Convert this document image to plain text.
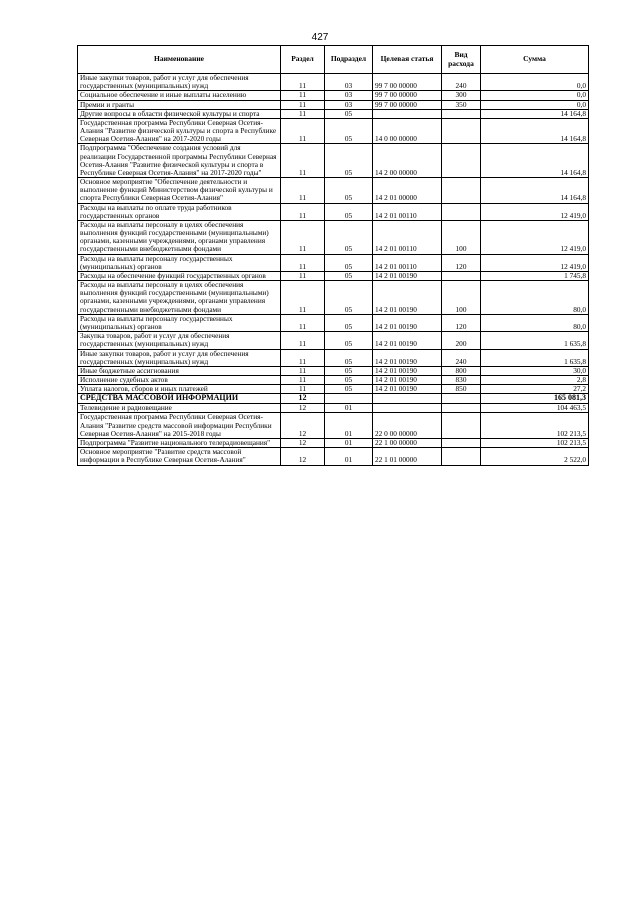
427
Наименование	Раздел	Подраздел	Целевая статья	Вид расхода	Сумма
Иные закупки товаров, работ и услуг для обеспечения государственных (муниципальных) нужд	11	03	99 7 00 00000	240	0,0
Социальное обеспечение и иные выплаты населению	11	03	99 7 00 00000	300	0,0
Премии и гранты	11	03	99 7 00 00000	350	0,0
Другие вопросы в области физической культуры и спорта	11	05			14 164,8
Государственная программа Республики Северная Осетия-Алания "Развитие физической культуры и спорта в Республике Северная Осетия-Алания" на 2017-2020 годы	11	05	14 0 00 00000		14 164,8
Подпрограмма "Обеспечение создания условий для реализации Государственной программы Республики Северная Осетия-Алания "Развитие физической культуры и спорта в Республике Северная Осетия-Алания" на 2017-2020 годы"	11	05	14 2 00 00000		14 164,8
Основное мероприятие "Обеспечение деятельности и выполнение функций Министерством физической культуры и спорта Республики Северная Осетия-Алания"	11	05	14 2 01 00000		14 164,8
Расходы на выплаты по оплате труда работников государственных органов	11	05	14 2 01 00110		12 419,0
Расходы на выплаты персоналу в целях обеспечения выполнения функций государственными (муниципальными) органами, казенными учреждениями, органами управления государственными внебюджетными фондами	11	05	14 2 01 00110	100	12 419,0
Расходы на выплаты персоналу государственных (муниципальных) органов	11	05	14 2 01 00110	120	12 419,0
Расходы на обеспечение функций государственных органов	11	05	14 2 01 00190		1 745,8
Расходы на выплаты персоналу в целях обеспечения выполнения функций государственными (муниципальными) органами, казенными учреждениями, органами управления государственными внебюджетными фондами	11	05	14 2 01 00190	100	80,0
Расходы на выплаты персоналу государственных (муниципальных) органов	11	05	14 2 01 00190	120	80,0
Закупка товаров, работ и услуг для обеспечения государственных (муниципальных) нужд	11	05	14 2 01 00190	200	1 635,8
Иные закупки товаров, работ и услуг для обеспечения государственных (муниципальных) нужд	11	05	14 2 01 00190	240	1 635,8
Иные бюджетные ассигнования	11	05	14 2 01 00190	800	30,0
Исполнение судебных актов	11	05	14 2 01 00190	830	2,8
Уплата налогов, сборов и иных платежей	11	05	14 2 01 00190	850	27,2
СРЕДСТВА МАССОВОЙ ИНФОРМАЦИИ	12				165 081,3
Телевидение и радиовещание	12	01			104 463,5
Государственная программа Республики Северная Осетия-Алания "Развитие средств массовой информации Республики Северная Осетия-Алания" на 2015-2018 годы	12	01	22 0 00 00000		102 213,5
Подпрограмма "Развитие национального телерадиовещания"	12	01	22 1 00 00000		102 213,5
Основное мероприятие "Развитие средств массовой информации в Республике Северная Осетия-Алания"	12	01	22 1 01 00000		2 522,0
